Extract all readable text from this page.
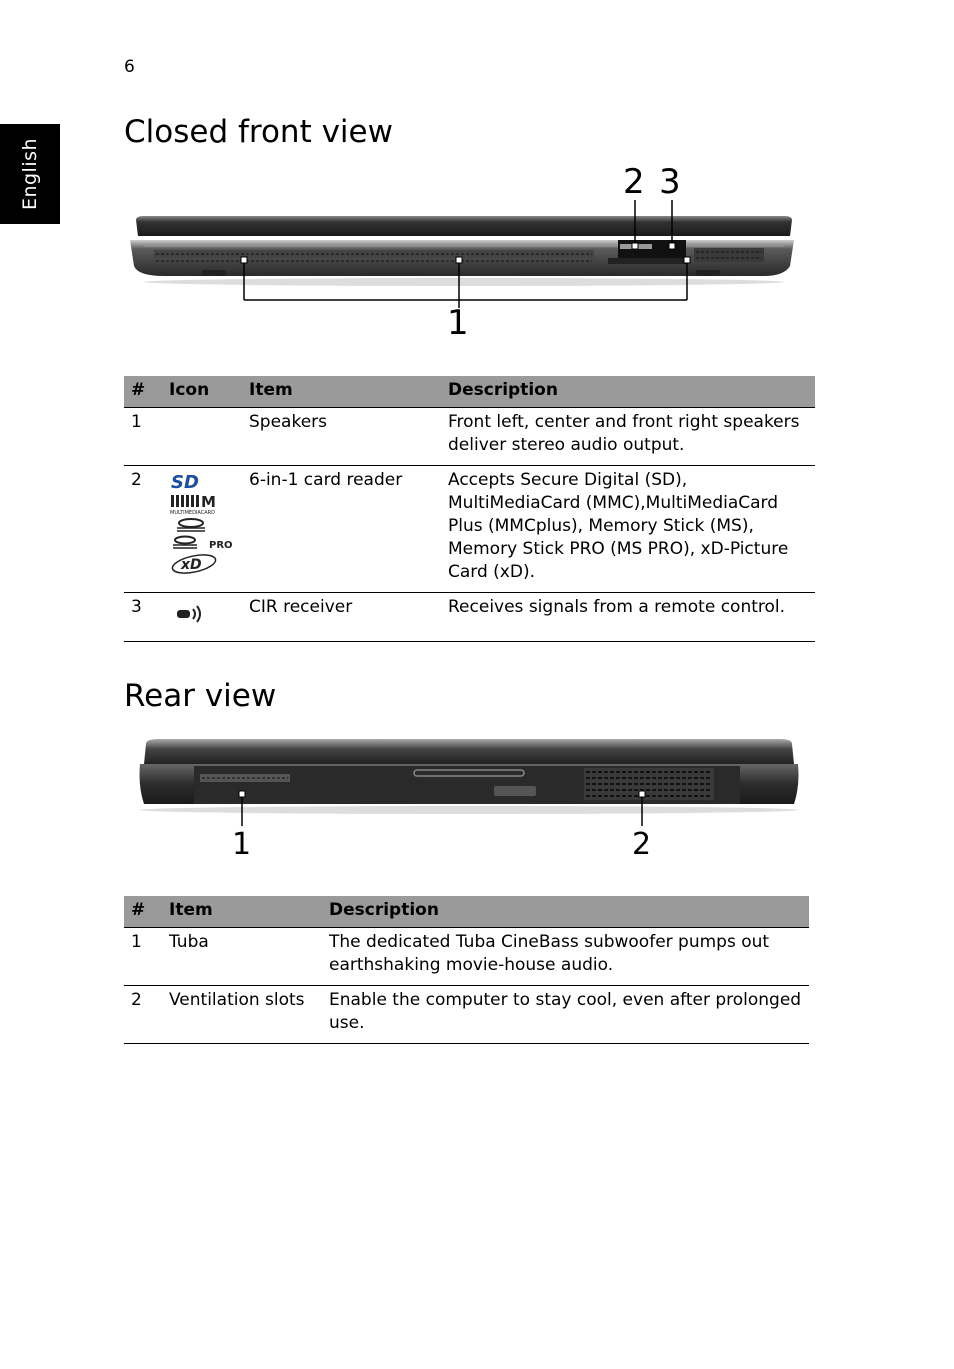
6
English
Closed front view
1
2 3
#	Icon	Item	Description
1		Speakers	Front left, center and front right speakers deliver stereo audio output.
2	SD
M
MULTIMEDIACARD
PRO
xD	6-in-1 card reader	Accepts Secure Digital (SD), MultiMediaCard (MMC),MultiMediaCard Plus (MMCplus), Memory Stick (MS), Memory Stick PRO (MS PRO), xD-Picture Card (xD).
3		CIR receiver	Receives signals from a remote control.
Rear view
1	2
#	Item	Description
1	Tuba	The dedicated Tuba CineBass subwoofer pumps out earthshaking movie-house audio.
2	Ventilation slots	Enable the computer to stay cool, even after prolonged use.
